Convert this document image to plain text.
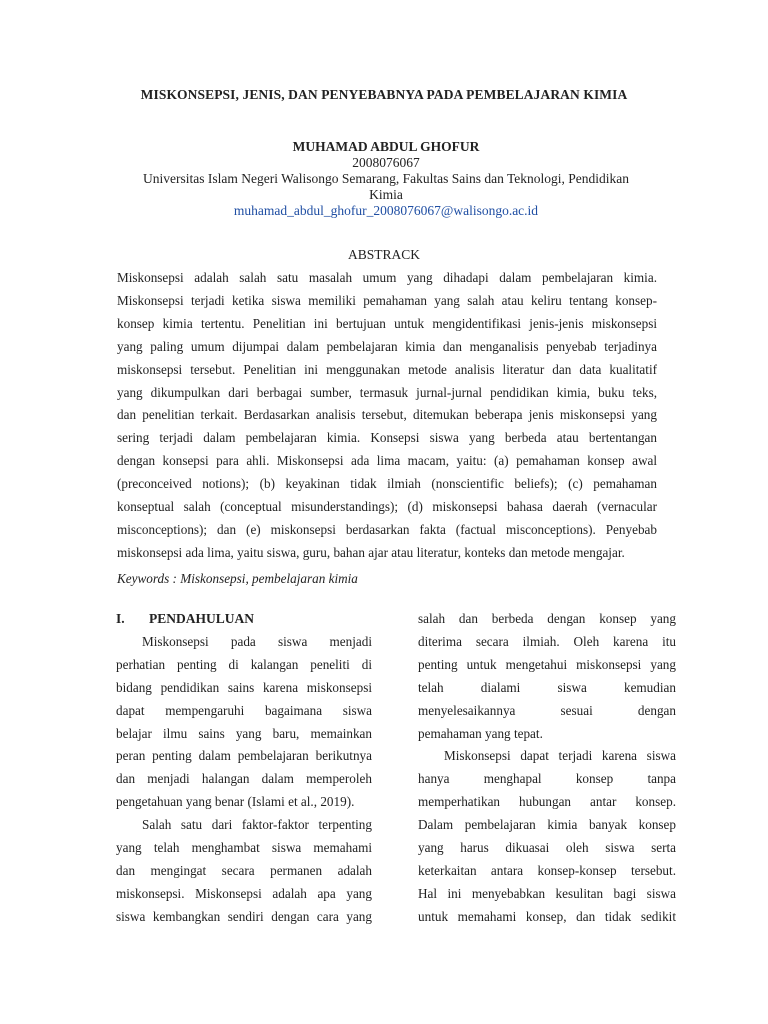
MISKONSEPSI, JENIS, DAN PENYEBABNYA PADA PEMBELAJARAN KIMIA
MUHAMAD ABDUL GHOFUR
2008076067
Universitas Islam Negeri Walisongo Semarang, Fakultas Sains dan Teknologi, Pendidikan
Kimia
muhamad_abdul_ghofur_2008076067@walisongo.ac.id
ABSTRACK
Miskonsepsi adalah salah satu masalah umum yang dihadapi dalam pembelajaran kimia.
Miskonsepsi terjadi ketika siswa memiliki pemahaman yang salah atau keliru tentang konsep-
konsep kimia tertentu. Penelitian ini bertujuan untuk mengidentifikasi jenis-jenis miskonsepsi
yang paling umum dijumpai dalam pembelajaran kimia dan menganalisis penyebab terjadinya
miskonsepsi tersebut. Penelitian ini menggunakan metode analisis literatur dan data kualitatif
yang dikumpulkan dari berbagai sumber, termasuk jurnal-jurnal pendidikan kimia, buku teks,
dan penelitian terkait. Berdasarkan analisis tersebut, ditemukan beberapa jenis miskonsepsi yang
sering terjadi dalam pembelajaran kimia. Konsepsi siswa yang berbeda atau bertentangan
dengan konsepsi para ahli. Miskonsepsi ada lima macam, yaitu: (a) pemahaman konsep awal
(preconceived notions); (b) keyakinan tidak ilmiah (nonscientific beliefs); (c) pemahaman
konseptual salah (conceptual misunderstandings); (d) miskonsepsi bahasa daerah (vernacular
misconceptions); dan (e) miskonsepsi berdasarkan fakta (factual misconceptions). Penyebab
miskonsepsi ada lima, yaitu siswa, guru, bahan ajar atau literatur, konteks dan metode mengajar.
Keywords : Miskonsepsi, pembelajaran kimia
I.	PENDAHULUAN
Miskonsepsi pada siswa menjadi
perhatian penting di kalangan peneliti di
bidang pendidikan sains karena miskonsepsi
dapat mempengaruhi bagaimana siswa
belajar ilmu sains yang baru, memainkan
peran penting dalam pembelajaran berikutnya
dan menjadi halangan dalam memperoleh
pengetahuan yang benar (Islami et al., 2019).
Salah satu dari faktor-faktor terpenting
yang telah menghambat siswa memahami
dan mengingat secara permanen adalah
miskonsepsi. Miskonsepsi adalah apa yang
siswa kembangkan sendiri dengan cara yang
salah dan berbeda dengan konsep yang
diterima secara ilmiah. Oleh karena itu
penting untuk mengetahui miskonsepsi yang
telah dialami siswa kemudian
menyelesaikannya sesuai dengan
pemahaman yang tepat.
Miskonsepsi dapat terjadi karena siswa
hanya menghapal konsep tanpa
memperhatikan hubungan antar konsep.
Dalam pembelajaran kimia banyak konsep
yang harus dikuasai oleh siswa serta
keterkaitan antara konsep-konsep tersebut.
Hal ini menyebabkan kesulitan bagi siswa
untuk memahami konsep, dan tidak sedikit
